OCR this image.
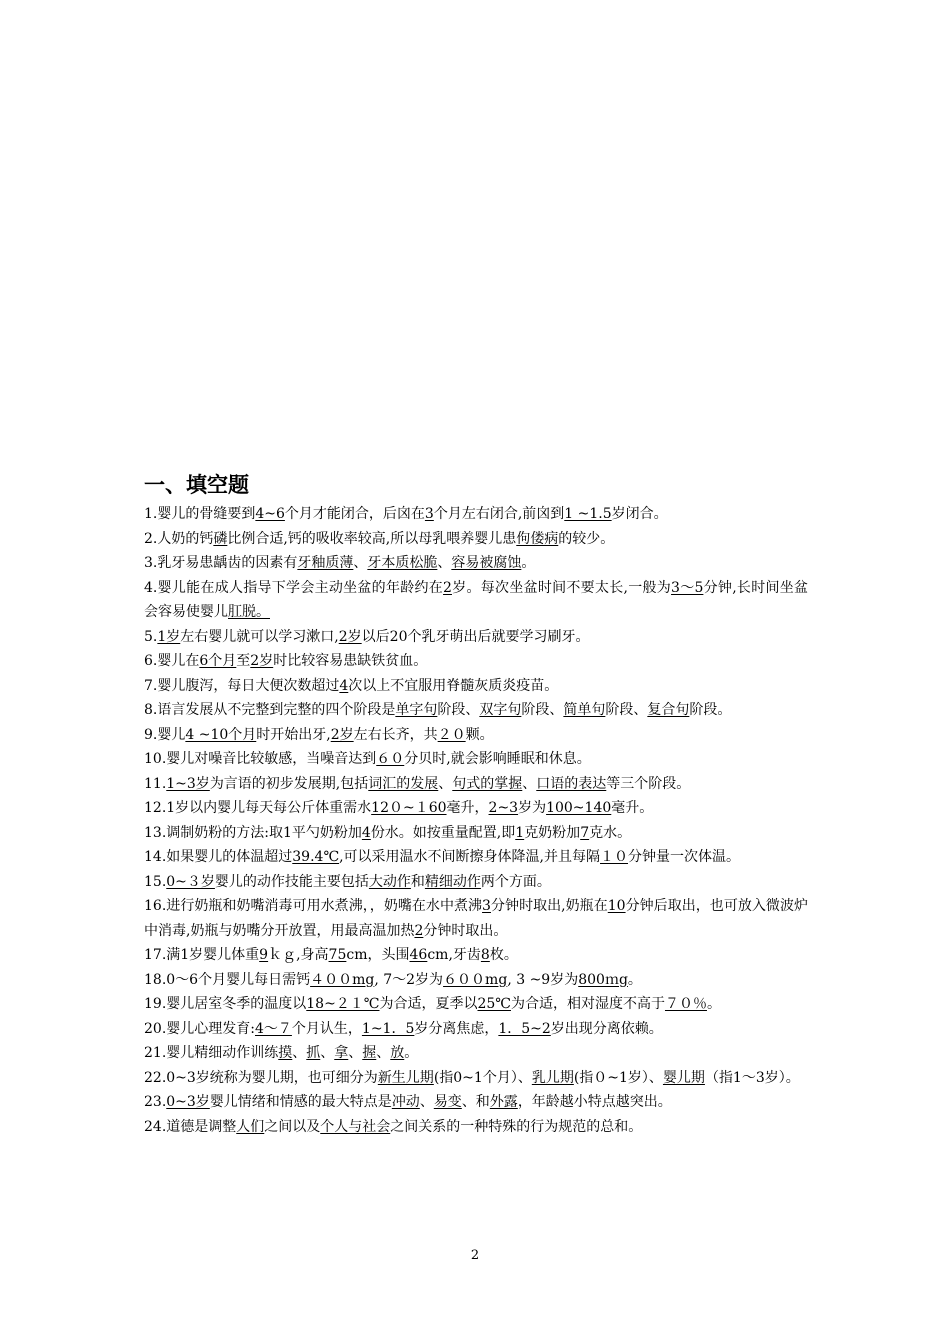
一、填空题

1.婴儿的骨缝要到4~6个月才能闭合，后囟在3个月左右闭合,前囟到1 ~1.5岁闭合。

2.人奶的钙磷比例合适,钙的吸收率较高,所以母乳喂养婴儿患佝偻病的较少。

3.乳牙易患龋齿的因素有牙釉质薄、牙本质松脆、容易被腐蚀。

4.婴儿能在成人指导下学会主动坐盆的年龄约在2岁。每次坐盆时间不要太长,一般为3～5分钟,长时间坐盆会容易使婴儿肛脱。

5.1岁左右婴儿就可以学习漱口,2岁以后20个乳牙萌出后就要学习刷牙。

6.婴儿在6个月至2岁时比较容易患缺铁贫血。

7.婴儿腹泻，每日大便次数超过4次以上不宜服用脊髓灰质炎疫苗。

8.语言发展从不完整到完整的四个阶段是单字句阶段、双字句阶段、简单句阶段、复合句阶段。

9.婴儿4 ~10个月时开始出牙,2岁左右长齐，共２０颗。

10.婴儿对噪音比较敏感，当噪音达到６０分贝时,就会影响睡眠和休息。

11.1~3岁为言语的初步发展期,包括词汇的发展、句式的掌握、口语的表达等三个阶段。

12.1岁以内婴儿每天每公斤体重需水12０~１60毫升，2~3岁为100~140毫升。

13.调制奶粉的方法:取1平勺奶粉加4份水。如按重量配置,即1克奶粉加7克水。

14.如果婴儿的体温超过39.4℃,可以采用温水不间断擦身体降温,并且每隔１０分钟量一次体温。

15.0~３岁婴儿的动作技能主要包括大动作和精细动作两个方面。

16.进行奶瓶和奶嘴消毒可用水煮沸，，奶嘴在水中煮沸3分钟时取出,奶瓶在10分钟后取出，也可放入微波炉中消毒,奶瓶与奶嘴分开放置，用最高温加热2分钟时取出。

17.满1岁婴儿体重9ｋｇ,身高75cm，头围46cm,牙齿8枚。

18.0～6个月婴儿每日需钙４００mg, 7～2岁为６００mg, 3 ~9岁为800ｍg。

19.婴儿居室冬季的温度以18~２１℃为合适，夏季以25℃为合适，相对湿度不高于７０％。

20.婴儿心理发育:4～７个月认生，1~1．5岁分离焦虑，1．5~2岁出现分离依赖。

21.婴儿精细动作训练摸、抓、拿、握、放。

22.0~3岁统称为婴儿期，也可细分为新生儿期(指0~1个月）、乳儿期(指０~1岁）、婴儿期（指1～3岁）。

23.0~3岁婴儿情绪和情感的最大特点是冲动、易变、和外露，年龄越小特点越突出。

24.道德是调整人们之间以及个人与社会之间关系的一种特殊的行为规范的总和。

2
